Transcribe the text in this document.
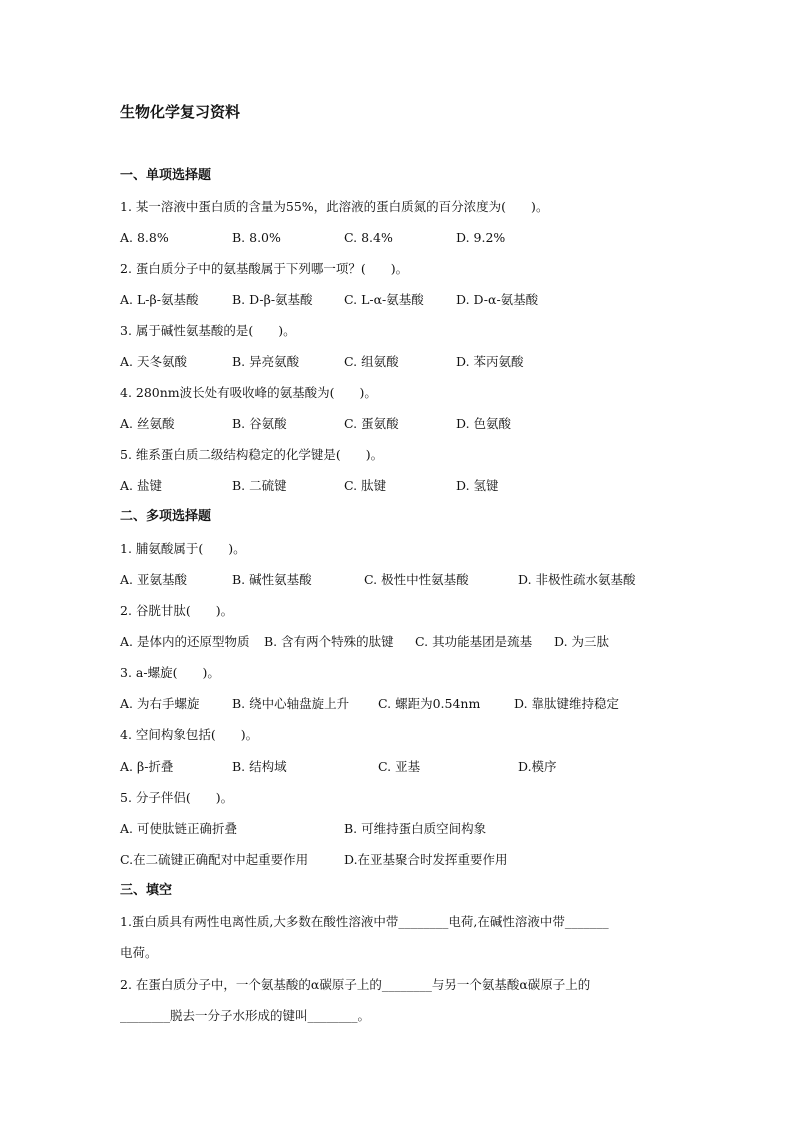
生物化学复习资料
一、单项选择题
1. 某一溶液中蛋白质的含量为55%，此溶液的蛋白质氮的百分浓度为(　　)。
A. 8.8%	B. 8.0%	C. 8.4%	D. 9.2%
2. 蛋白质分子中的氨基酸属于下列哪一项？(　　)。
A. L-β-氨基酸	B. D-β-氨基酸	C. L-α-氨基酸	D. D-α-氨基酸
3. 属于碱性氨基酸的是(　　)。
A. 天冬氨酸	B. 异亮氨酸	C. 组氨酸	D. 苯丙氨酸
4. 280nm波长处有吸收峰的氨基酸为(　　)。
A. 丝氨酸	B. 谷氨酸	C. 蛋氨酸	D. 色氨酸
5. 维系蛋白质二级结构稳定的化学键是(　　)。
A. 盐键	B. 二硫键	C. 肽键	D. 氢键
二、多项选择题
1. 脯氨酸属于(　　)。
A. 亚氨基酸	B. 碱性氨基酸	C. 极性中性氨基酸	D. 非极性疏水氨基酸
2. 谷胱甘肽(　　)。
A. 是体内的还原型物质 B. 含有两个特殊的肽键 C. 其功能基团是巯基 D. 为三肽
3. a-螺旋(　　)。
A. 为右手螺旋	B. 绕中心轴盘旋上升 C. 螺距为0.54nm	D. 靠肽键维持稳定
4. 空间构象包括(　　)。
A. β-折叠	B. 结构域	C. 亚基	D.模序
5. 分子伴侣(　　)。
A. 可使肽链正确折叠	B. 可维持蛋白质空间构象
C.在二硫键正确配对中起重要作用	D.在亚基聚合时发挥重要作用
三、填空
1.蛋白质具有两性电离性质,大多数在酸性溶液中带________电荷,在碱性溶液中带_______
电荷。
2. 在蛋白质分子中，一个氨基酸的α碳原子上的________与另一个氨基酸α碳原子上的
________脱去一分子水形成的键叫________。
